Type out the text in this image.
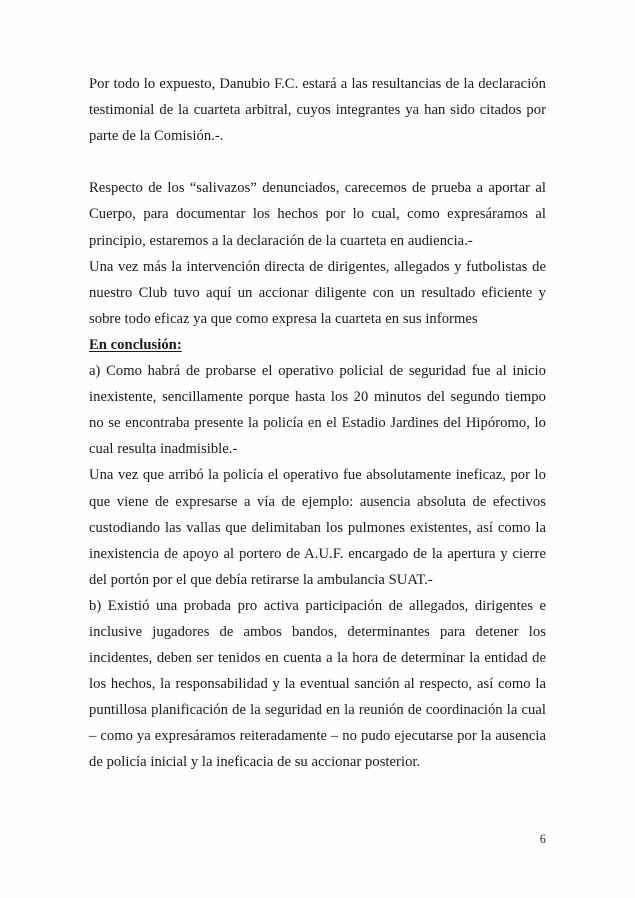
Por todo lo expuesto, Danubio F.C. estará a las resultancias de la declaración testimonial de la cuarteta arbitral, cuyos integrantes ya han sido citados por parte de la Comisión.-.

Respecto de los “salivazos” denunciados, carecemos de prueba a aportar al Cuerpo, para documentar los hechos por lo cual, como expresáramos al principio, estaremos a la declaración de la cuarteta en audiencia.-

Una vez más la intervención directa de dirigentes, allegados y futbolistas de nuestro Club tuvo aquí un accionar diligente con un resultado eficiente y sobre todo eficaz ya que como expresa la cuarteta en sus informes

En conclusión:

a) Como habrá de probarse el operativo policial de seguridad fue al inicio inexistente, sencillamente porque hasta los 20 minutos del segundo tiempo no se encontraba presente la policía en el Estadio Jardines del Hipóromo, lo cual resulta inadmisible.-

Una vez que arribó la policía el operativo fue absolutamente ineficaz, por lo que viene de expresarse a vía de ejemplo: ausencia absoluta de efectivos custodiando las vallas que delimitaban los pulmones existentes, así como la inexistencia de apoyo al portero de A.U.F. encargado de la apertura y cierre del portón por el que debía retirarse la ambulancia SUAT.-

b) Existió una probada pro activa participación de allegados, dirigentes e inclusive jugadores de ambos bandos, determinantes para detener los incidentes, deben ser tenidos en cuenta a la hora de determinar la entidad de los hechos, la responsabilidad y la eventual sanción al respecto, así como la puntillosa planificación de la seguridad en la reunión de coordinación la cual – como ya expresáramos reiteradamente – no pudo ejecutarse por la ausencia de policía inicial y la ineficacia de su accionar posterior.

6
